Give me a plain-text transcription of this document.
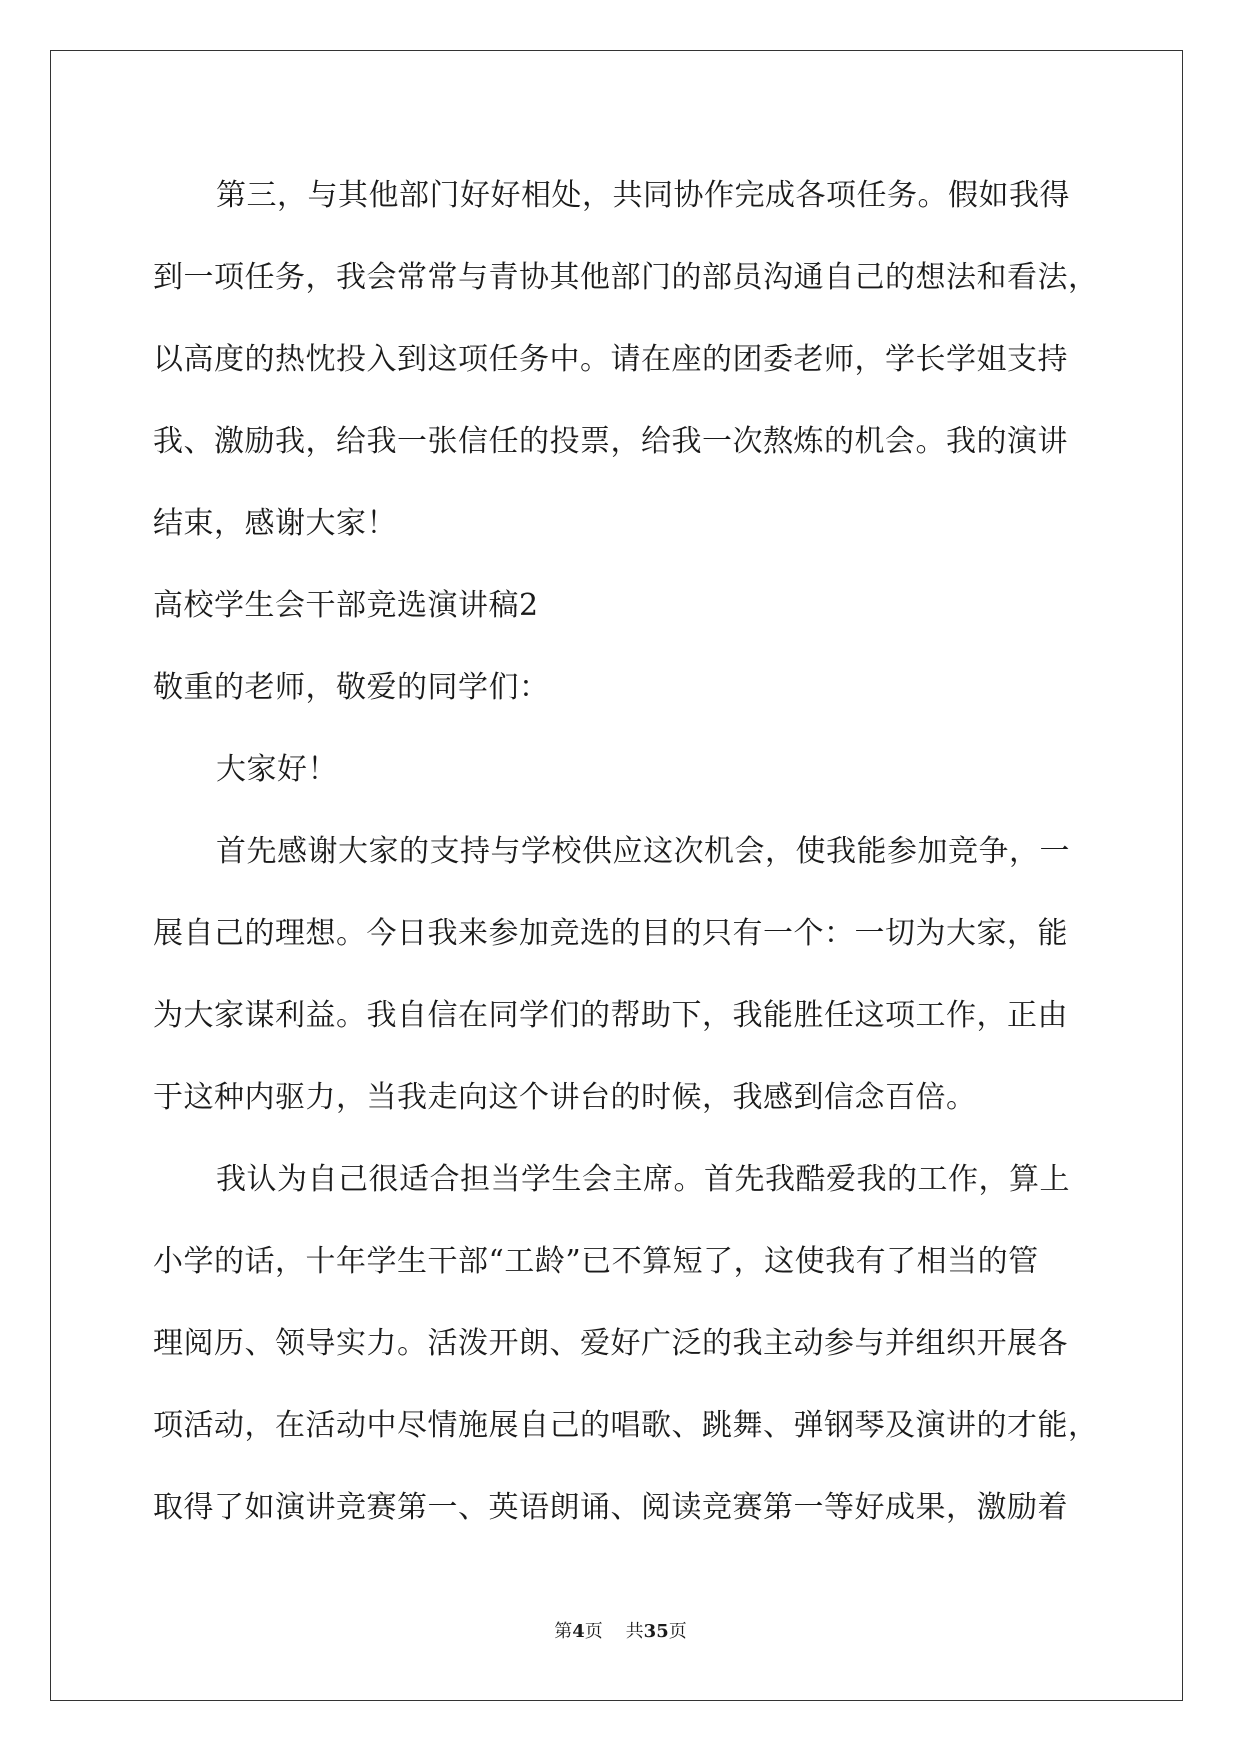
第三，与其他部门好好相处，共同协作完成各项任务。假如我得
到一项任务，我会常常与青协其他部门的部员沟通自己的想法和看法，
以高度的热忱投入到这项任务中。请在座的团委老师，学长学姐支持
我、激励我，给我一张信任的投票，给我一次熬炼的机会。我的演讲
结束，感谢大家！
高校学生会干部竞选演讲稿2
敬重的老师，敬爱的同学们：
大家好！
首先感谢大家的支持与学校供应这次机会，使我能参加竞争，一
展自己的理想。今日我来参加竞选的目的只有一个：一切为大家，能
为大家谋利益。我自信在同学们的帮助下，我能胜任这项工作，正由
于这种内驱力，当我走向这个讲台的时候，我感到信念百倍。
我认为自己很适合担当学生会主席。首先我酷爱我的工作，算上
小学的话，十年学生干部“工龄”已不算短了，这使我有了相当的管
理阅历、领导实力。活泼开朗、爱好广泛的我主动参与并组织开展各
项活动，在活动中尽情施展自己的唱歌、跳舞、弹钢琴及演讲的才能，
取得了如演讲竞赛第一、英语朗诵、阅读竞赛第一等好成果，激励着
第4页 共35页
